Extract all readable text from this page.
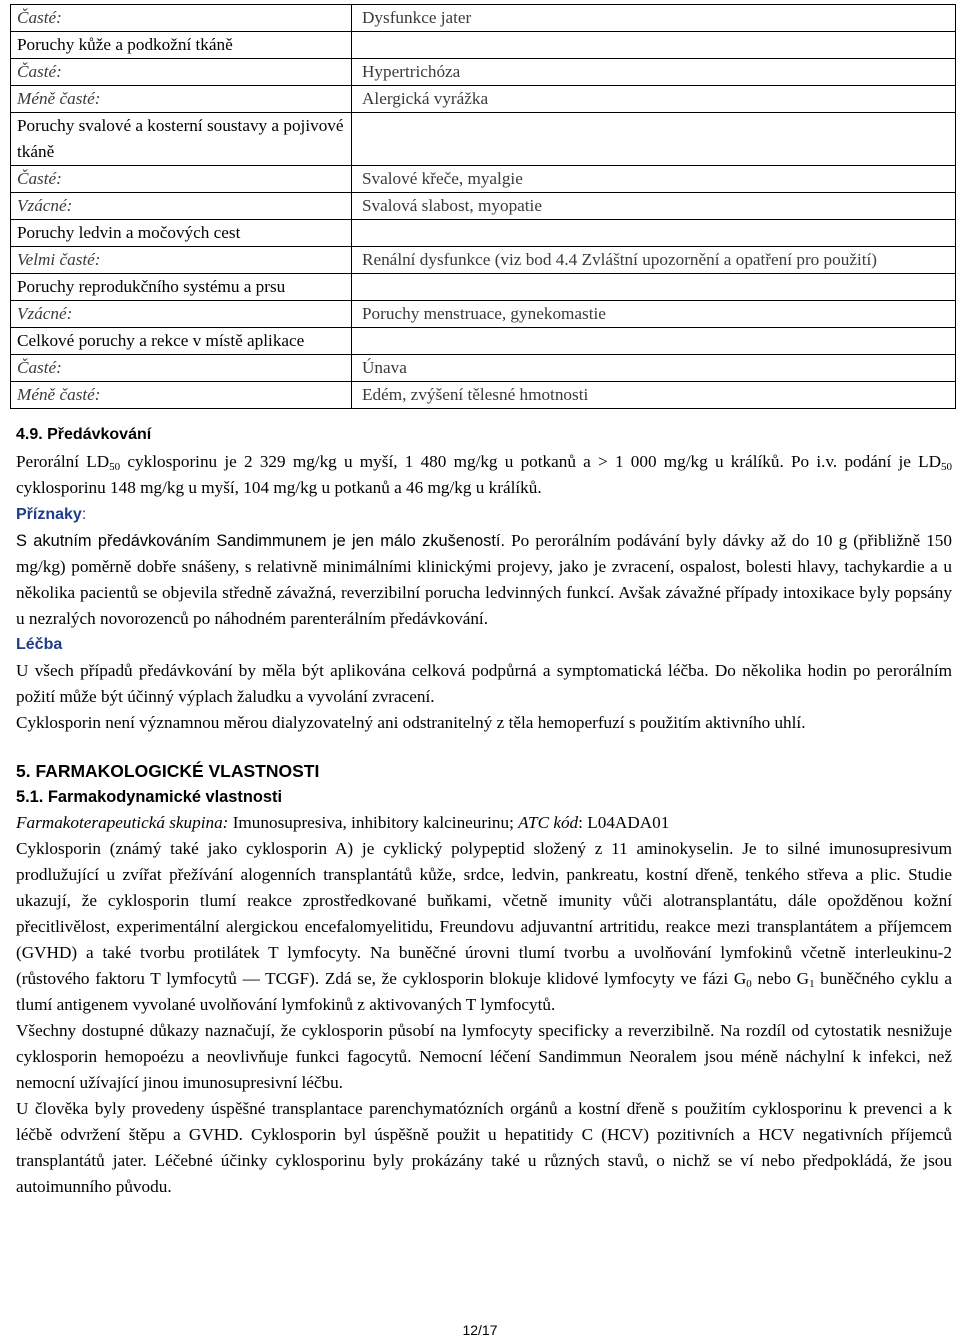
Časté:	Dysfunkce jater
Poruchy kůže a podkožní tkáně	
Časté:	Hypertrichóza
Méně časté:	Alergická vyrážka
Poruchy svalové a kosterní soustavy a pojivové tkáně	
Časté:	Svalové křeče, myalgie
Vzácné:	Svalová slabost, myopatie
Poruchy ledvin a močových cest	
Velmi časté:	Renální dysfunkce (viz bod 4.4 Zvláštní upozornění a opatření pro použití)
Poruchy reprodukčního systému a prsu	
Vzácné:	Poruchy menstruace, gynekomastie
Celkové poruchy a rekce v místě aplikace	
Časté:	Únava
Méně časté:	Edém, zvýšení tělesné hmotnosti
4.9. Předávkování

Perorální $LD_{50}$ cyklosporinu je 2 329 mg/kg u myší, 1 480 mg/kg u potkanů a > 1 000 mg/kg u králíků. Po i.v. podání je $LD_{50}$ cyklosporinu 148 mg/kg u myší, 104 mg/kg u potkanů a 46 mg/kg u králíků.

Příznaky:

S akutním předávkováním Sandimmunem je jen málo zkušeností. Po perorálním podávání byly dávky až do 10 g (přibližně 150 mg/kg) poměrně dobře snášeny, s relativně minimálními klinickými projevy, jako je zvracení, ospalost, bolesti hlavy, tachykardie a u několika pacientů se objevila středně závažná, reverzibilní porucha ledvinných funkcí. Avšak závažné případy intoxikace byly popsány u nezralých novorozenců po náhodném parenterálním předávkování.

Léčba

U všech případů předávkování by měla být aplikována celková podpůrná a symptomatická léčba. Do několika hodin po perorálním požití může být účinný výplach žaludku a vyvolání zvracení.

Cyklosporin není významnou měrou dialyzovatelný ani odstranitelný z těla hemoperfuzí s použitím aktivního uhlí.

5. FARMAKOLOGICKÉ VLASTNOSTI
5.1. Farmakodynamické vlastnosti

Farmakoterapeutická skupina: Imunosupresiva, inhibitory kalcineurinu; ATC kód: L04ADA01

Cyklosporin (známý také jako cyklosporin A) je cyklický polypeptid složený z 11 aminokyselin. Je to silné imunosupresivum prodlužující u zvířat přežívání alogenních transplantátů kůže, srdce, ledvin, pankreatu, kostní dřeně, tenkého střeva a plic. Studie ukazují, že cyklosporin tlumí reakce zprostředkované buňkami, včetně imunity vůči alotransplantátu, dále opožděnou kožní přecitlivělost, experimentální alergickou encefalomyelitidu, Freundovu adjuvantní artritidu, reakce mezi transplantátem a příjemcem (GVHD) a také tvorbu protilátek T lymfocyty. Na buněčné úrovni tlumí tvorbu a uvolňování lymfokinů včetně interleukinu-2 (růstového faktoru T lymfocytů — TCGF). Zdá se, že cyklosporin blokuje klidové lymfocyty ve fázi $G_0$ nebo $G_1$ buněčného cyklu a tlumí antigenem vyvolané uvolňování lymfokinů z aktivovaných T lymfocytů.

Všechny dostupné důkazy naznačují, že cyklosporin působí na lymfocyty specificky a reverzibilně. Na rozdíl od cytostatik nesnižuje cyklosporin hemopoézu a neovlivňuje funkci fagocytů. Nemocní léčení Sandimmun Neoralem jsou méně náchylní k infekci, než nemocní užívající jinou imunosupresivní léčbu.

U člověka byly provedeny úspěšné transplantace parenchymatózních orgánů a kostní dřeně s použitím cyklosporinu k prevenci a k léčbě odvržení štěpu a GVHD. Cyklosporin byl úspěšně použit u hepatitidy C (HCV) pozitivních a HCV negativních příjemců transplantátů jater. Léčebné účinky cyklosporinu byly prokázány také u různých stavů, o nichž se ví nebo předpokládá, že jsou autoimunního původu.

12/17
